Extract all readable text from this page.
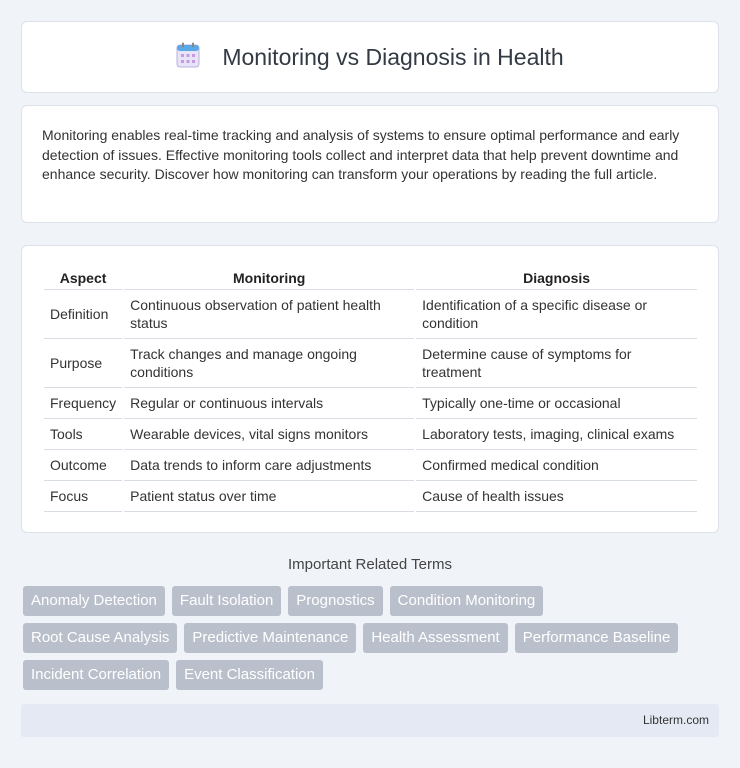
Monitoring vs Diagnosis in Health

Monitoring enables real-time tracking and analysis of systems to ensure optimal performance and early detection of issues. Effective monitoring tools collect and interpret data that help prevent downtime and enhance security. Discover how monitoring can transform your operations by reading the full article.

Aspect	Monitoring	Diagnosis
Definition	Continuous observation of patient health status	Identification of a specific disease or condition
Purpose	Track changes and manage ongoing conditions	Determine cause of symptoms for treatment
Frequency	Regular or continuous intervals	Typically one-time or occasional
Tools	Wearable devices, vital signs monitors	Laboratory tests, imaging, clinical exams
Outcome	Data trends to inform care adjustments	Confirmed medical condition
Focus	Patient status over time	Cause of health issues
Important Related Terms
Anomaly Detection	Fault Isolation	Prognostics	Condition Monitoring
Root Cause Analysis	Predictive Maintenance	Health Assessment	Performance Baseline
Incident Correlation	Event Classification
Libterm.com
